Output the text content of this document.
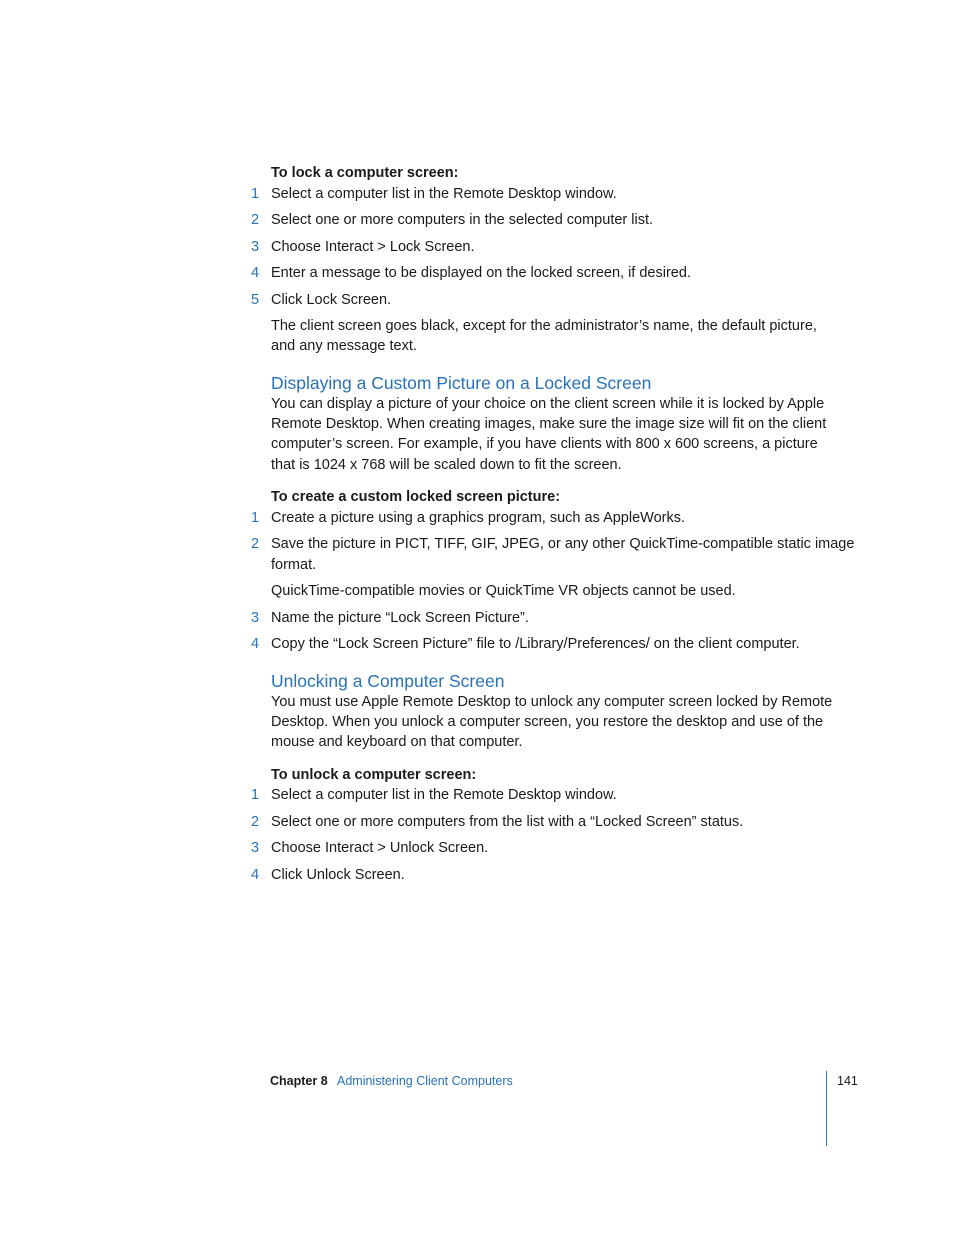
To lock a computer screen:
1 Select a computer list in the Remote Desktop window.
2 Select one or more computers in the selected computer list.
3 Choose Interact > Lock Screen.
4 Enter a message to be displayed on the locked screen, if desired.
5 Click Lock Screen.
The client screen goes black, except for the administrator’s name, the default picture,
and any message text.
Displaying a Custom Picture on a Locked Screen
You can display a picture of your choice on the client screen while it is locked by Apple
Remote Desktop. When creating images, make sure the image size will fit on the client
computer’s screen. For example, if you have clients with 800 x 600 screens, a picture
that is 1024 x 768 will be scaled down to fit the screen.
To create a custom locked screen picture:
1 Create a picture using a graphics program, such as AppleWorks.
2 Save the picture in PICT, TIFF, GIF, JPEG, or any other QuickTime-compatible static image
format.
QuickTime-compatible movies or QuickTime VR objects cannot be used.
3 Name the picture “Lock Screen Picture”.
4 Copy the “Lock Screen Picture” file to /Library/Preferences/ on the client computer.
Unlocking a Computer Screen
You must use Apple Remote Desktop to unlock any computer screen locked by Remote
Desktop. When you unlock a computer screen, you restore the desktop and use of the
mouse and keyboard on that computer.
To unlock a computer screen:
1 Select a computer list in the Remote Desktop window.
2 Select one or more computers from the list with a “Locked Screen” status.
3 Choose Interact > Unlock Screen.
4 Click Unlock Screen.
Chapter 8 Administering Client Computers	141
